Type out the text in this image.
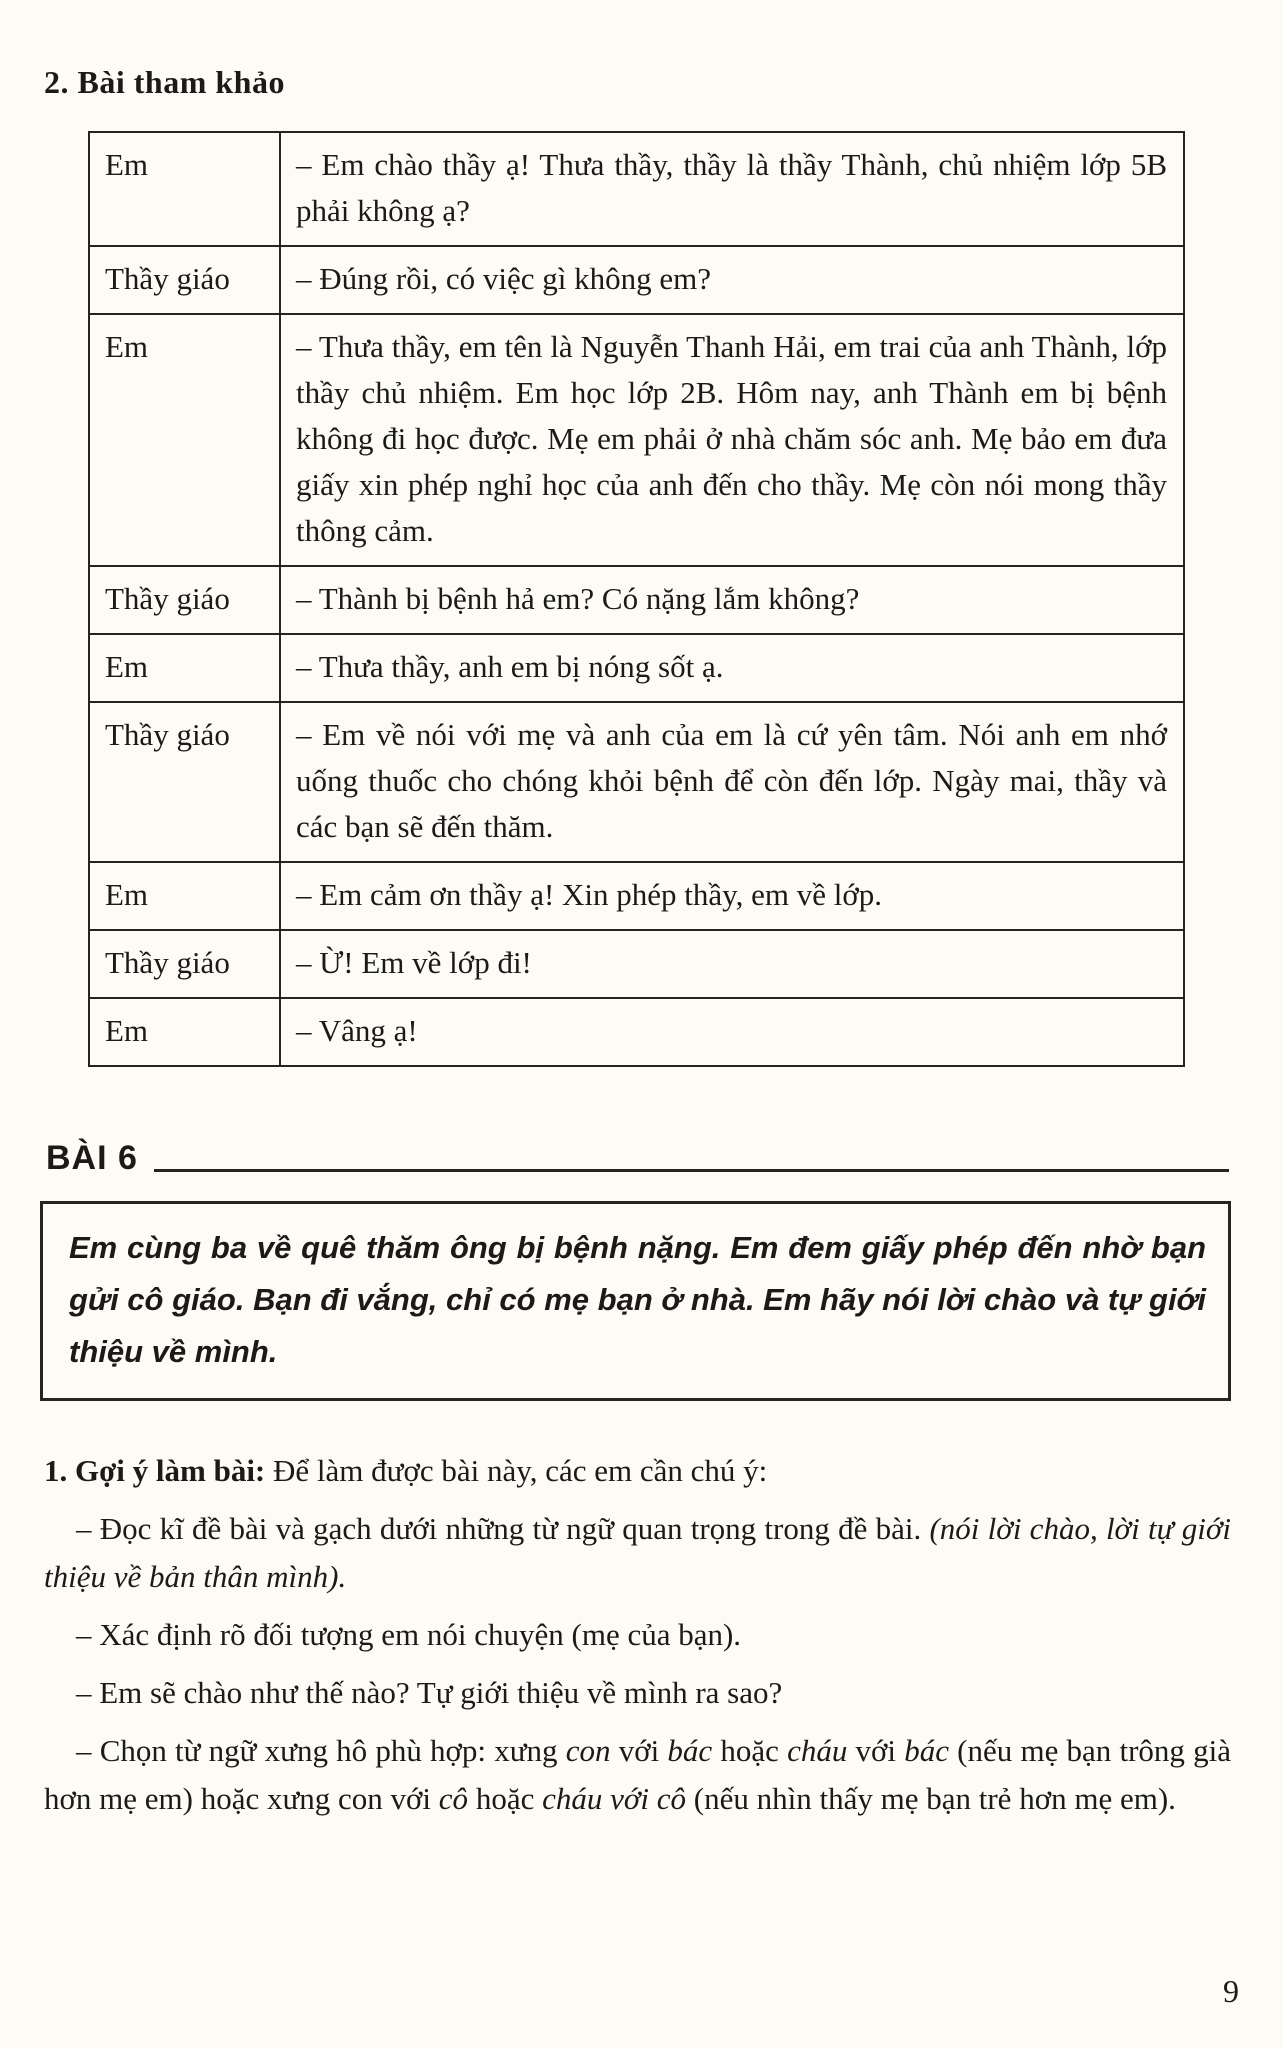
2. Bài tham khảo
Em	– Em chào thầy ạ! Thưa thầy, thầy là thầy Thành, chủ nhiệm lớp 5B phải không ạ?
Thầy giáo	– Đúng rồi, có việc gì không em?
Em	– Thưa thầy, em tên là Nguyễn Thanh Hải, em trai của anh Thành, lớp thầy chủ nhiệm. Em học lớp 2B. Hôm nay, anh Thành em bị bệnh không đi học được. Mẹ em phải ở nhà chăm sóc anh. Mẹ bảo em đưa giấy xin phép nghỉ học của anh đến cho thầy. Mẹ còn nói mong thầy thông cảm.
Thầy giáo	– Thành bị bệnh hả em? Có nặng lắm không?
Em	– Thưa thầy, anh em bị nóng sốt ạ.
Thầy giáo	– Em về nói với mẹ và anh của em là cứ yên tâm. Nói anh em nhớ uống thuốc cho chóng khỏi bệnh để còn đến lớp. Ngày mai, thầy và các bạn sẽ đến thăm.
Em	– Em cảm ơn thầy ạ! Xin phép thầy, em về lớp.
Thầy giáo	– Ừ! Em về lớp đi!
Em	– Vâng ạ!
BÀI 6

Em cùng ba về quê thăm ông bị bệnh nặng. Em đem giấy phép đến nhờ bạn gửi cô giáo. Bạn đi vắng, chỉ có mẹ bạn ở nhà. Em hãy nói lời chào và tự giới thiệu về mình.

1. Gợi ý làm bài: Để làm được bài này, các em cần chú ý:

– Đọc kĩ đề bài và gạch dưới những từ ngữ quan trọng trong đề bài. (nói lời chào, lời tự giới thiệu về bản thân mình).

– Xác định rõ đối tượng em nói chuyện (mẹ của bạn).

– Em sẽ chào như thế nào? Tự giới thiệu về mình ra sao?

– Chọn từ ngữ xưng hô phù hợp: xưng con với bác hoặc cháu với bác (nếu mẹ bạn trông già hơn mẹ em) hoặc xưng con với cô hoặc cháu với cô (nếu nhìn thấy mẹ bạn trẻ hơn mẹ em).

9
